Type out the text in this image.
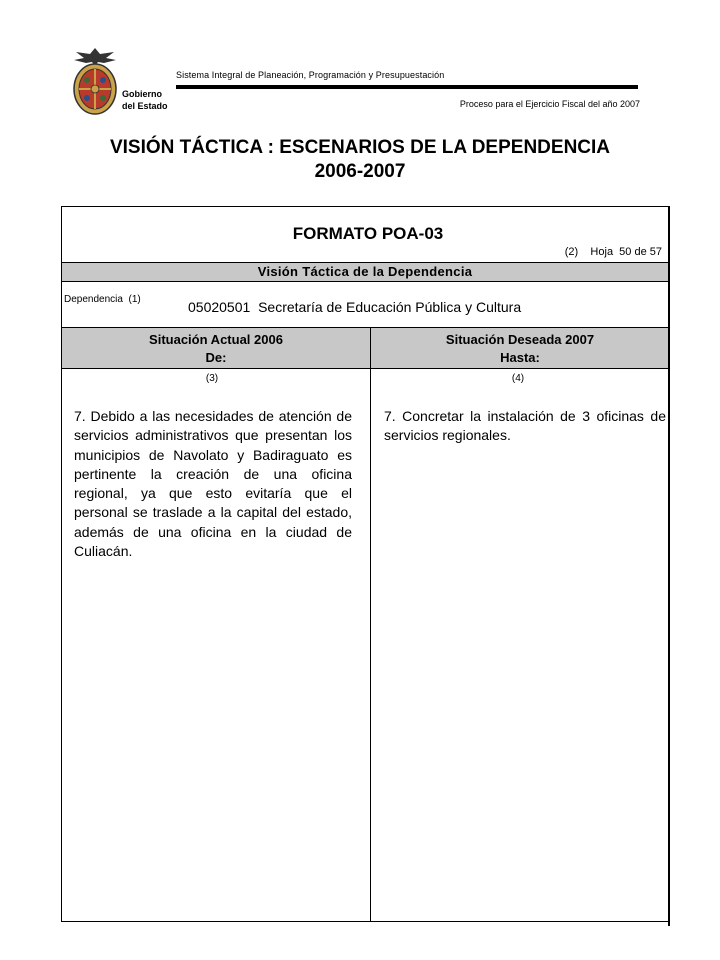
Gobierno
del Estado
Sistema Integral de Planeación, Programación y Presupuestación
Proceso para el Ejercicio Fiscal del año 2007
VISIÓN TÁCTICA : ESCENARIOS DE LA DEPENDENCIA
2006-2007
FORMATO POA-03
(2)    Hoja  50 de 57
Visión Táctica de la Dependencia
Dependencia  (1)	05020501  Secretaría de Educación Pública y Cultura
Situación Actual 2006
De:
Situación Deseada 2007
Hasta:
(3)	(4)
7. Debido a las necesidades de atención de servicios administrativos que presentan los municipios de Navolato y Badiraguato es pertinente la creación de una oficina regional, ya que esto evitaría que el personal se traslade a la capital del estado, además de una oficina en la ciudad de Culiacán.
7. Concretar la instalación de 3 oficinas de servicios regionales.
